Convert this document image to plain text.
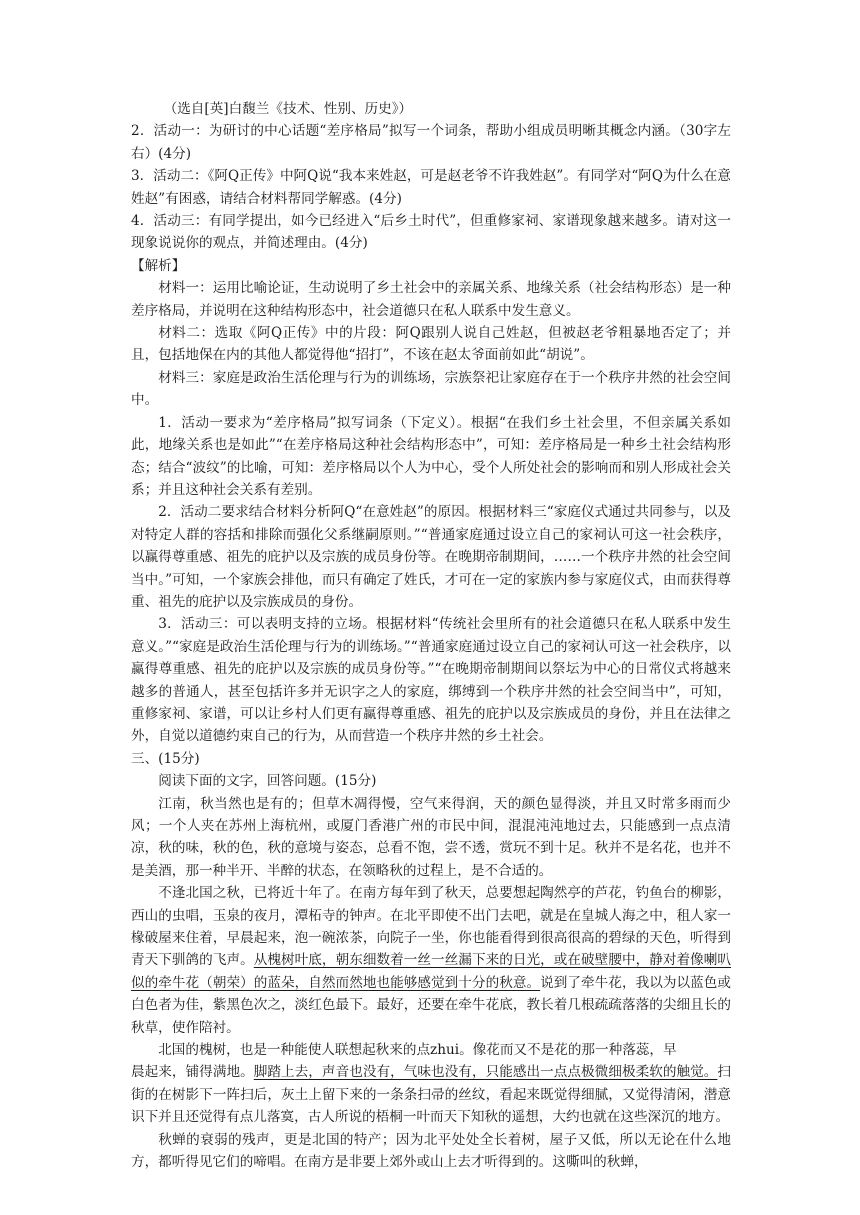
（选自[英]白馥兰《技术、性别、历史》）

2．活动一：为研讨的中心话题“差序格局”拟写一个词条，帮助小组成员明晰其概念内涵。（30字左右）(4分)

3．活动二：《阿Q正传》中阿Q说“我本来姓赵，可是赵老爷不许我姓赵”。有同学对“阿Q为什么在意姓赵”有困惑，请结合材料帮同学解惑。(4分)

4．活动三：有同学提出，如今已经进入“后乡土时代”，但重修家祠、家谱现象越来越多。请对这一现象说说你的观点，并简述理由。(4分)

【解析】

材料一：运用比喻论证，生动说明了乡土社会中的亲属关系、地缘关系（社会结构形态）是一种差序格局，并说明在这种结构形态中，社会道德只在私人联系中发生意义。

材料二：选取《阿Q正传》中的片段：阿Q跟别人说自己姓赵，但被赵老爷粗暴地否定了；并且，包括地保在内的其他人都觉得他“招打”，不该在赵太爷面前如此“胡说”。

材料三：家庭是政治生活伦理与行为的训练场，宗族祭祀让家庭存在于一个秩序井然的社会空间中。

1．活动一要求为“差序格局”拟写词条（下定义）。根据“在我们乡土社会里，不但亲属关系如此，地缘关系也是如此”“在差序格局这种社会结构形态中”，可知：差序格局是一种乡土社会结构形态；结合“波纹”的比喻，可知：差序格局以个人为中心，受个人所处社会的影响而和别人形成社会关系；并且这种社会关系有差别。

2．活动二要求结合材料分析阿Q“在意姓赵”的原因。根据材料三“家庭仪式通过共同参与，以及对特定人群的容括和排除而强化父系继嗣原则。”“普通家庭通过设立自己的家祠认可这一社会秩序，以赢得尊重感、祖先的庇护以及宗族的成员身份等。在晚期帝制期间，……一个秩序井然的社会空间当中。”可知，一个家族会排他，而只有确定了姓氏，才可在一定的家族内参与家庭仪式，由而获得尊重、祖先的庇护以及宗族成员的身份。

3．活动三：可以表明支持的立场。根据材料“传统社会里所有的社会道德只在私人联系中发生意义。”“家庭是政治生活伦理与行为的训练场。”“普通家庭通过设立自己的家祠认可这一社会秩序，以赢得尊重感、祖先的庇护以及宗族的成员身份等。”“在晚期帝制期间以祭坛为中心的日常仪式将越来越多的普通人，甚至包括许多并无识字之人的家庭，绑缚到一个秩序井然的社会空间当中”，可知，重修家祠、家谱，可以让乡村人们更有赢得尊重感、祖先的庇护以及宗族成员的身份，并且在法律之外，自觉以道德约束自己的行为，从而营造一个秩序井然的乡土社会。

三、(15分)

阅读下面的文字，回答问题。(15分)

江南，秋当然也是有的；但草木凋得慢，空气来得润，天的颜色显得淡，并且又时常多雨而少风；一个人夹在苏州上海杭州，或厦门香港广州的市民中间，混混沌沌地过去，只能感到一点点清凉，秋的味，秋的色，秋的意境与姿态，总看不饱，尝不透，赏玩不到十足。秋并不是名花，也并不是美酒，那一种半开、半醉的状态，在领略秋的过程上，是不合适的。

不逢北国之秋，已将近十年了。在南方每年到了秋天，总要想起陶然亭的芦花，钓鱼台的柳影，西山的虫唱，玉泉的夜月，潭柘寺的钟声。在北平即使不出门去吧，就是在皇城人海之中，租人家一椽破屋来住着，早晨起来，泡一碗浓茶，向院子一坐，你也能看得到很高很高的碧绿的天色，听得到青天下驯鸽的飞声。从槐树叶底，朝东细数着一丝一丝漏下来的日光，或在破壁腰中，静对着像喇叭似的牵牛花（朝荣）的蓝朵，自然而然地也能够感觉到十分的秋意。说到了牵牛花，我以为以蓝色或白色者为佳，紫黑色次之，淡红色最下。最好，还要在牵牛花底，教长着几根疏疏落落的尖细且长的秋草，使作陪衬。

北国的槐树，也是一种能使人联想起秋来的点zhui。像花而又不是花的那一种落蕊，早

晨起来，铺得满地。脚踏上去，声音也没有，气味也没有，只能感出一点点极微细极柔软的触觉。扫街的在树影下一阵扫后，灰土上留下来的一条条扫帚的丝纹，看起来既觉得细腻，又觉得清闲，潜意识下并且还觉得有点儿落寞，古人所说的梧桐一叶而天下知秋的遥想，大约也就在这些深沉的地方。

秋蝉的衰弱的残声，更是北国的特产；因为北平处处全长着树，屋子又低，所以无论在什么地方，都听得见它们的啼唱。在南方是非要上郊外或山上去才听得到的。这嘶叫的秋蝉，
